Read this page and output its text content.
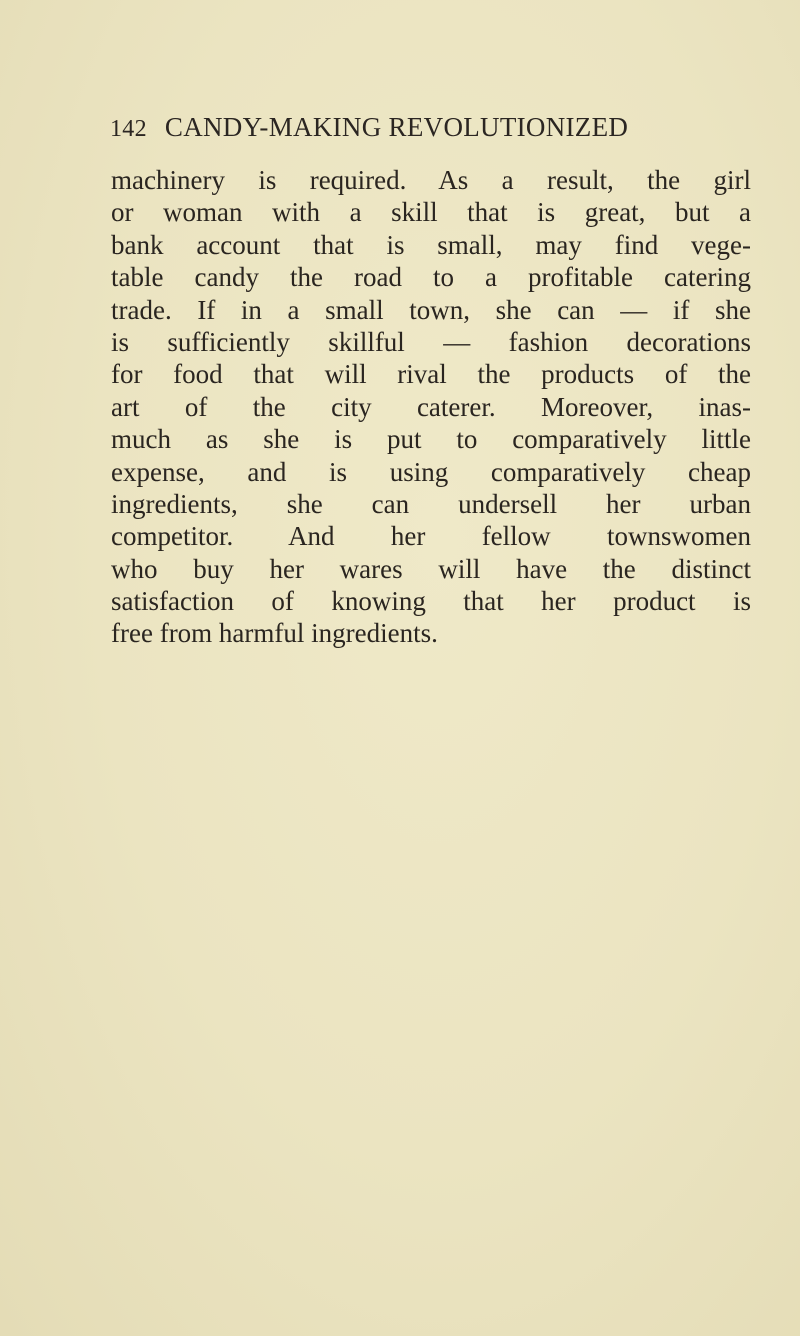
142 CANDY-MAKING REVOLUTIONIZED

machinery is required. As a result, the girl
or woman with a skill that is great, but a
bank account that is small, may find vege-
table candy the road to a profitable catering
trade. If in a small town, she can — if she
is sufficiently skillful — fashion decorations
for food that will rival the products of the
art of the city caterer. Moreover, inas-
much as she is put to comparatively little
expense, and is using comparatively cheap
ingredients, she can undersell her urban
competitor. And her fellow townswomen
who buy her wares will have the distinct
satisfaction of knowing that her product is
free from harmful ingredients.
